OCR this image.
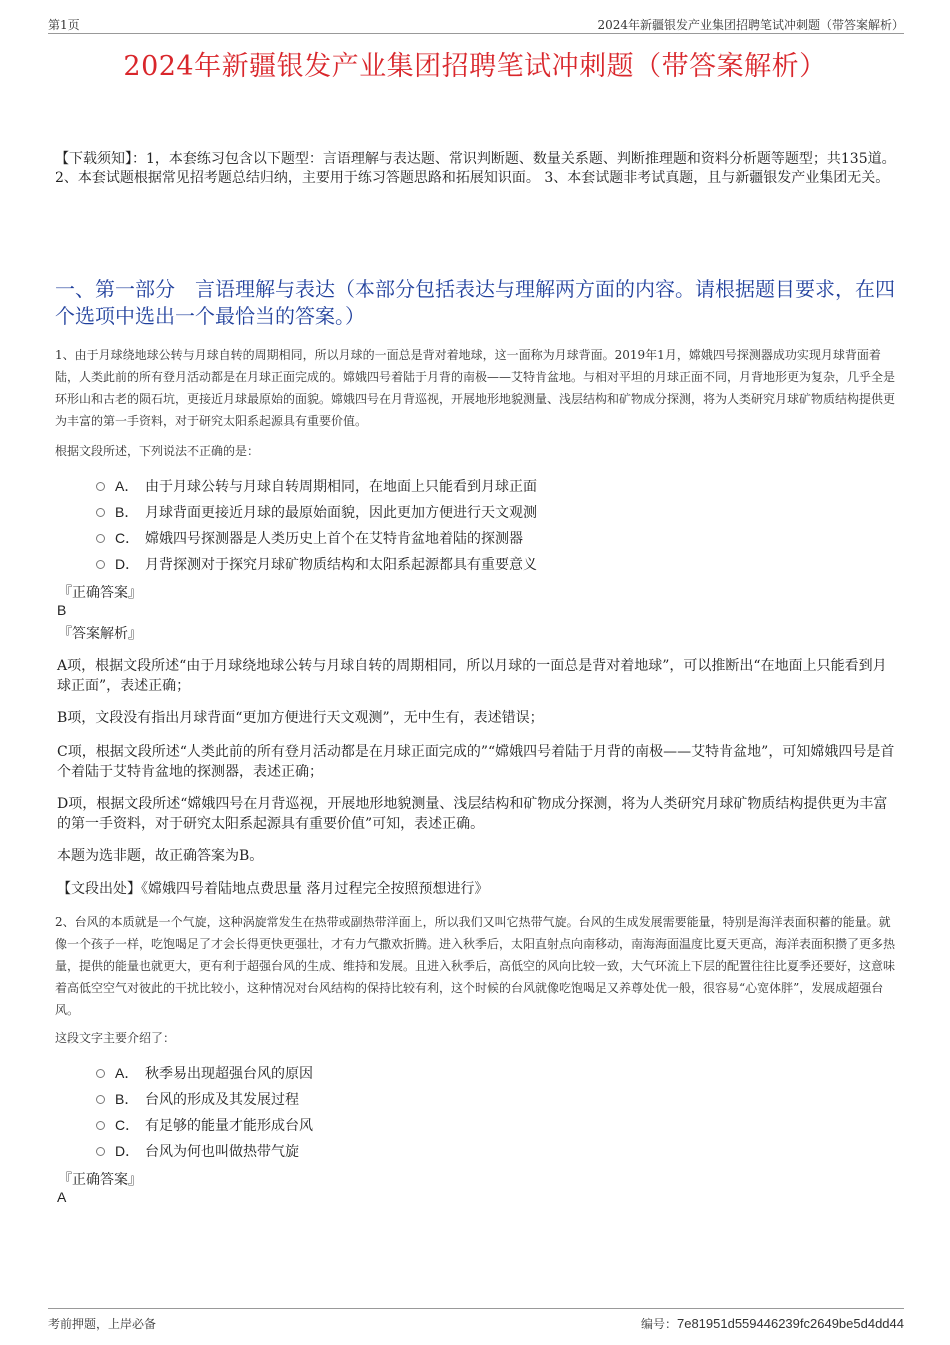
第1页	2024年新疆银发产业集团招聘笔试冲刺题（带答案解析）
2024年新疆银发产业集团招聘笔试冲刺题（带答案解析）
【下载须知】：1，本套练习包含以下题型：言语理解与表达题、常识判断题、数量关系题、判断推理题和资料分析题等题型；共135道。 2、本套试题根据常见招考题总结归纳，主要用于练习答题思路和拓展知识面。 3、本套试题非考试真题，且与新疆银发产业集团无关。
一、第一部分　言语理解与表达（本部分包括表达与理解两方面的内容。请根据题目要求，在四个选项中选出一个最恰当的答案。）
1、由于月球绕地球公转与月球自转的周期相同，所以月球的一面总是背对着地球，这一面称为月球背面。2019年1月，嫦娥四号探测器成功实现月球背面着陆，人类此前的所有登月活动都是在月球正面完成的。嫦娥四号着陆于月背的南极——艾特肯盆地。与相对平坦的月球正面不同，月背地形更为复杂，几乎全是环形山和古老的陨石坑，更接近月球最原始的面貌。嫦娥四号在月背巡视，开展地形地貌测量、浅层结构和矿物成分探测，将为人类研究月球矿物质结构提供更为丰富的第一手资料，对于研究太阳系起源具有重要价值。
根据文段所述，下列说法不正确的是：
A． 由于月球公转与月球自转周期相同，在地面上只能看到月球正面
B． 月球背面更接近月球的最原始面貌，因此更加方便进行天文观测
C． 嫦娥四号探测器是人类历史上首个在艾特肯盆地着陆的探测器
D． 月背探测对于探究月球矿物质结构和太阳系起源都具有重要意义
『正确答案』
B
『答案解析』
A项，根据文段所述“由于月球绕地球公转与月球自转的周期相同，所以月球的一面总是背对着地球”，可以推断出“在地面上只能看到月球正面”，表述正确；
B项，文段没有指出月球背面“更加方便进行天文观测”，无中生有，表述错误；
C项，根据文段所述“人类此前的所有登月活动都是在月球正面完成的”“嫦娥四号着陆于月背的南极——艾特肯盆地”，可知嫦娥四号是首个着陆于艾特肯盆地的探测器，表述正确；
D项，根据文段所述“嫦娥四号在月背巡视，开展地形地貌测量、浅层结构和矿物成分探测，将为人类研究月球矿物质结构提供更为丰富的第一手资料，对于研究太阳系起源具有重要价值”可知，表述正确。
本题为选非题，故正确答案为B。
【文段出处】《嫦娥四号着陆地点费思量 落月过程完全按照预想进行》
2、台风的本质就是一个气旋，这种涡旋常发生在热带或副热带洋面上，所以我们又叫它热带气旋。台风的生成发展需要能量，特别是海洋表面积蓄的能量。就像一个孩子一样，吃饱喝足了才会长得更快更强壮，才有力气撒欢折腾。进入秋季后，太阳直射点向南移动，南海海面温度比夏天更高，海洋表面积攒了更多热量，提供的能量也就更大，更有利于超强台风的生成、维持和发展。且进入秋季后，高低空的风向比较一致，大气环流上下层的配置往往比夏季还要好，这意味着高低空空气对彼此的干扰比较小，这种情况对台风结构的保持比较有利，这个时候的台风就像吃饱喝足又养尊处优一般，很容易“心宽体胖”，发展成超强台风。
这段文字主要介绍了：
A． 秋季易出现超强台风的原因
B． 台风的形成及其发展过程
C． 有足够的能量才能形成台风
D． 台风为何也叫做热带气旋
『正确答案』
A
考前押题，上岸必备	编号：7e81951d559446239fc2649be5d4dd44
